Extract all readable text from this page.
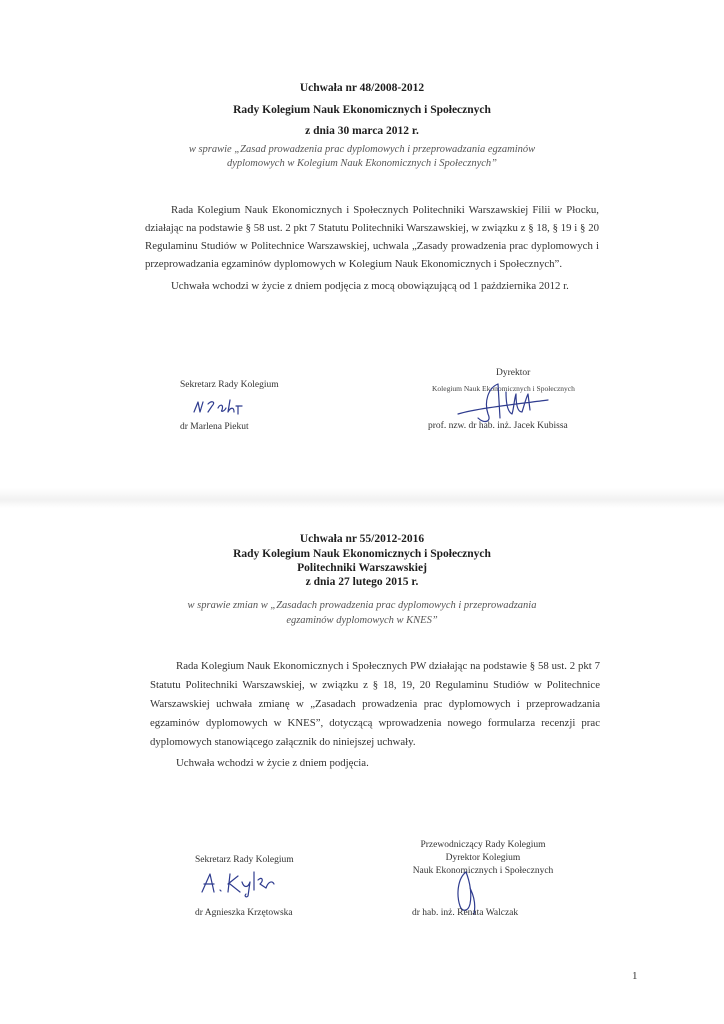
Uchwała nr 48/2008-2012
Rady Kolegium Nauk Ekonomicznych i Społecznych
z dnia 30 marca 2012 r.
w sprawie „Zasad prowadzenia prac dyplomowych i przeprowadzania egzaminów
dyplomowych w Kolegium Nauk Ekonomicznych i Społecznych”

Rada Kolegium Nauk Ekonomicznych i Społecznych Politechniki Warszawskiej Filii w Płocku, działając na podstawie § 58 ust. 2 pkt 7 Statutu Politechniki Warszawskiej, w związku z § 18, § 19 i § 20 Regulaminu Studiów w Politechnice Warszawskiej, uchwala „Zasady prowadzenia prac dyplomowych i przeprowadzania egzaminów dyplomowych w Kolegium Nauk Ekonomicznych i Społecznych”.

Uchwała wchodzi w życie z dniem podjęcia z mocą obowiązującą od 1 października 2012 r.

Sekretarz Rady Kolegium
dr Marlena Piekut
Dyrektor
Kolegium Nauk Ekonomicznych i Społecznych
prof. nzw. dr hab. inż. Jacek Kubissa
Uchwała nr 55/2012-2016
Rady Kolegium Nauk Ekonomicznych i Społecznych
Politechniki Warszawskiej
z dnia 27 lutego 2015 r.
w sprawie zmian w „Zasadach prowadzenia prac dyplomowych i przeprowadzania
egzaminów dyplomowych w KNES”

Rada Kolegium Nauk Ekonomicznych i Społecznych PW działając na podstawie § 58 ust. 2 pkt 7 Statutu Politechniki Warszawskiej, w związku z § 18, 19, 20 Regulaminu Studiów w Politechnice Warszawskiej uchwała zmianę w „Zasadach prowadzenia prac dyplomowych i przeprowadzania egzaminów dyplomowych w KNES”, dotyczącą wprowadzenia nowego formularza recenzji prac dyplomowych stanowiącego załącznik do niniejszej uchwały.

Uchwała wchodzi w życie z dniem podjęcia.

Sekretarz Rady Kolegium
dr Agnieszka Krzętowska
Przewodniczący Rady Kolegium
Dyrektor Kolegium
Nauk Ekonomicznych i Społecznych
dr hab. inż. Renata Walczak
1
